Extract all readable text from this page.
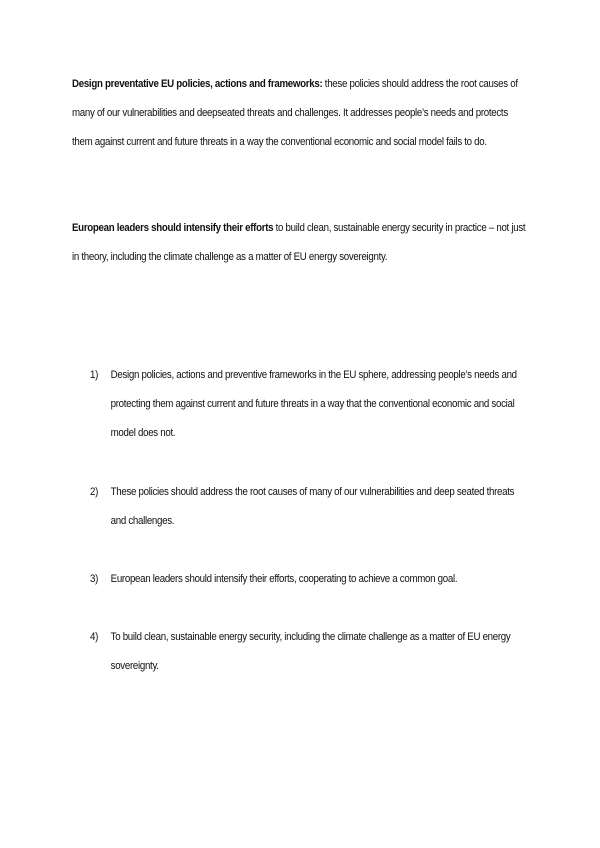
Design preventative EU policies, actions and frameworks: these policies should address the root causes of many of our vulnerabilities and deepseated threats and challenges. It addresses people’s needs and protects them against current and future threats in a way the conventional economic and social model fails to do.

European leaders should intensify their efforts to build clean, sustainable energy security in practice – not just in theory, including the climate challenge as a matter of EU energy sovereignty.

1) Design policies, actions and preventive frameworks in the EU sphere, addressing people’s needs and protecting them against current and future threats in a way that the conventional economic and social model does not.
2) These policies should address the root causes of many of our vulnerabilities and deep seated threats and challenges.
3) European leaders should intensify their efforts, cooperating to achieve a common goal.
4) To build clean, sustainable energy security, including the climate challenge as a matter of EU energy sovereignty.
